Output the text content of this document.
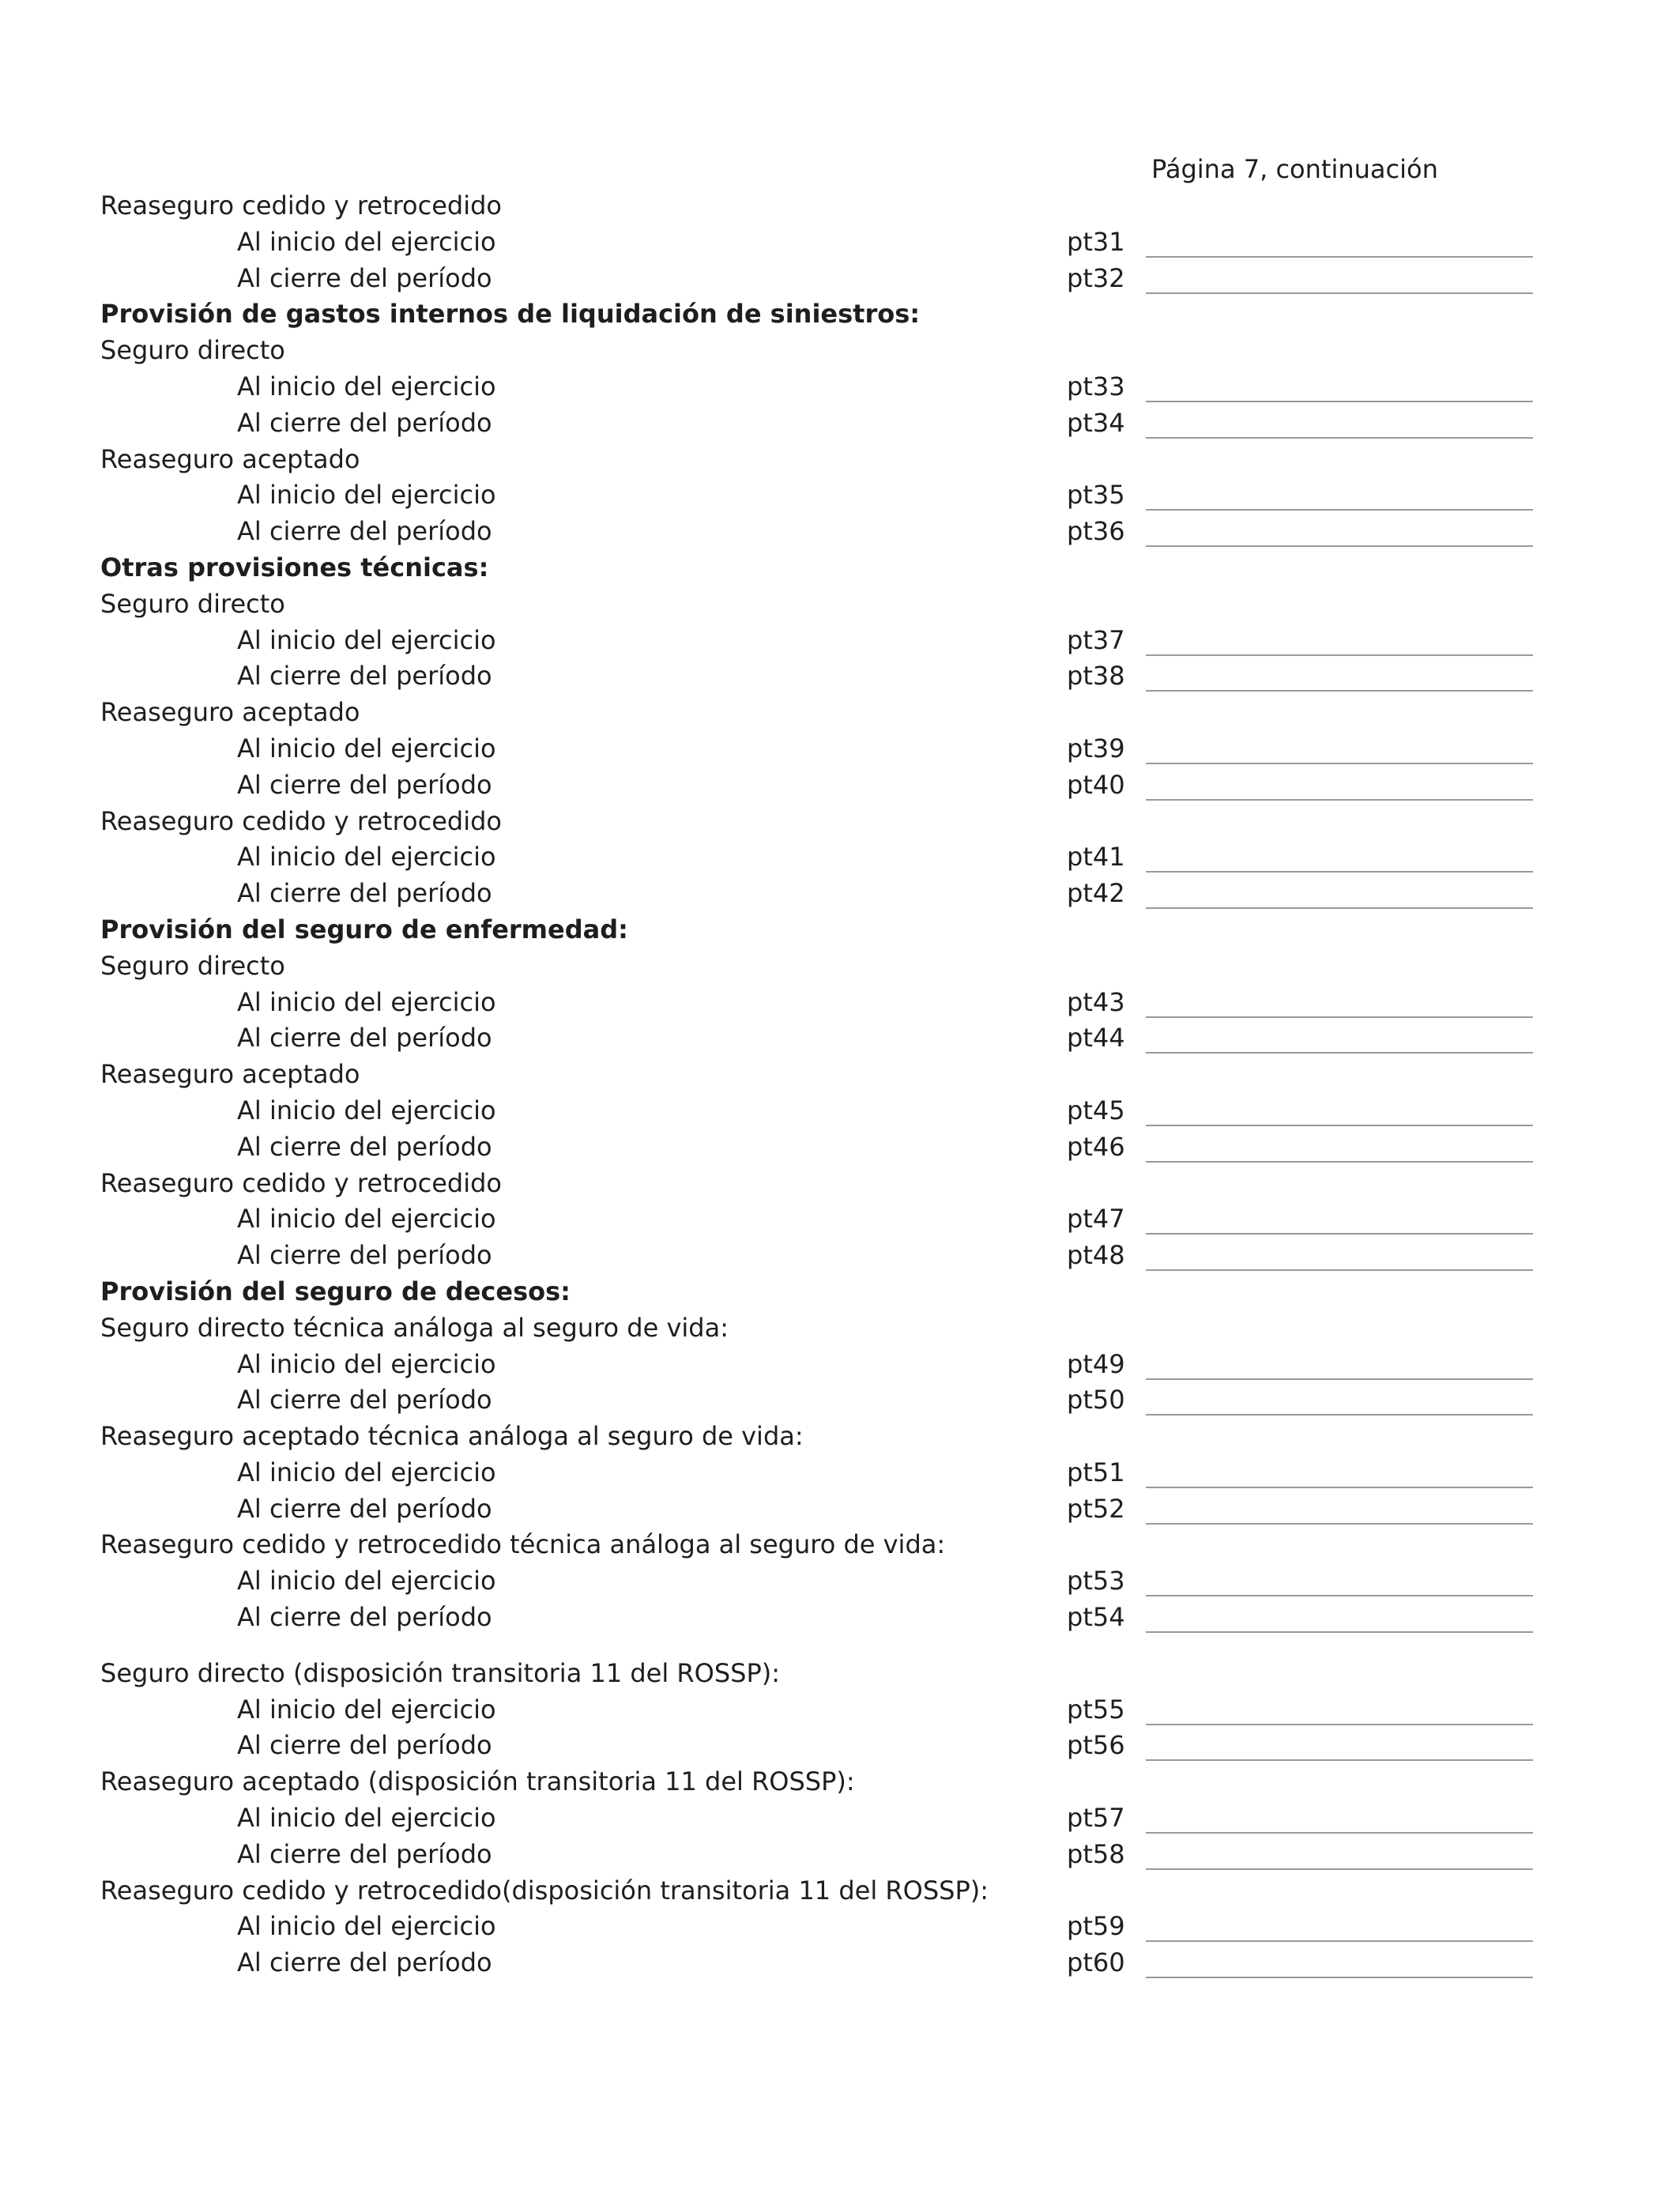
Página 7, continuación
Reaseguro cedido y retrocedido
Al inicio del ejercicio	pt31
Al cierre del período	pt32
Provisión de gastos internos de liquidación de siniestros:
Seguro directo
Al inicio del ejercicio	pt33
Al cierre del período	pt34
Reaseguro aceptado
Al inicio del ejercicio	pt35
Al cierre del período	pt36
Otras provisiones técnicas:
Seguro directo
Al inicio del ejercicio	pt37
Al cierre del período	pt38
Reaseguro aceptado
Al inicio del ejercicio	pt39
Al cierre del período	pt40
Reaseguro cedido y retrocedido
Al inicio del ejercicio	pt41
Al cierre del período	pt42
Provisión del seguro de enfermedad:
Seguro directo
Al inicio del ejercicio	pt43
Al cierre del período	pt44
Reaseguro aceptado
Al inicio del ejercicio	pt45
Al cierre del período	pt46
Reaseguro cedido y retrocedido
Al inicio del ejercicio	pt47
Al cierre del período	pt48
Provisión del seguro de decesos:
Seguro directo técnica análoga al seguro de vida:
Al inicio del ejercicio	pt49
Al cierre del período	pt50
Reaseguro aceptado técnica análoga al seguro de vida:
Al inicio del ejercicio	pt51
Al cierre del período	pt52
Reaseguro cedido y retrocedido técnica análoga al seguro de vida:
Al inicio del ejercicio	pt53
Al cierre del período	pt54
Seguro directo (disposición transitoria 11 del ROSSP):
Al inicio del ejercicio	pt55
Al cierre del período	pt56
Reaseguro aceptado (disposición transitoria 11 del ROSSP):
Al inicio del ejercicio	pt57
Al cierre del período	pt58
Reaseguro cedido y retrocedido(disposición transitoria 11 del ROSSP):
Al inicio del ejercicio	pt59
Al cierre del período	pt60
